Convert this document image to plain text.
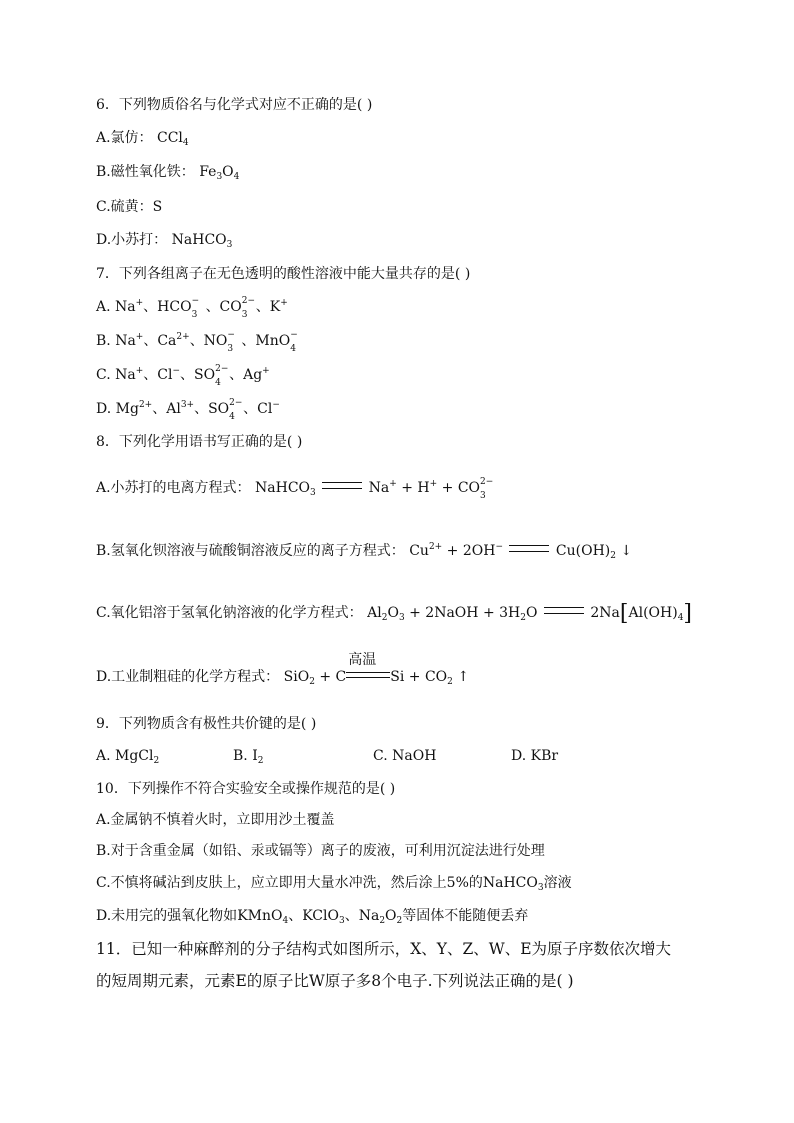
6．下列物质俗名与化学式对应不正确的是( )
A.氯仿： CCl$_4$
B.磁性氧化铁： $Fe_3O_4$
C.硫黄：S
D.小苏打： NaHCO$_3$
7．下列各组离子在无色透明的酸性溶液中能大量共存的是( )
A. Na+、HCO −
3 、CO 2−
3 、K+
B. Na+、$Ca^{2+}$、NO −
3 、MnO −
4
C. Na+、Cl−、SO 2−
4 、Ag+
D. $Mg^{2+}$、$Al^{3+}$、SO 2−
4 、Cl−
8．下列化学用语书写正确的是( )
A.小苏打的电离方程式： NaHCO$_3$	Na+ + H+ + CO 2−
3
B.氢氧化钡溶液与硫酸铜溶液反应的离子方程式： $Cu^{2+} + 2OH^-$	$Cu(OH)_2$ ↓
C.氧化铝溶于氢氧化钠溶液的化学方程式： $Al_2O_3$ + 2NaOH + $3H_2O$	$2Na[Al(OH)_4]$
D.工业制粗硅的化学方程式： SiO$_2$ + C
高温
$Si + CO_2$ ↑
9．下列物质含有极性共价键的是( )
A. MgCl$_2$	B. $I_2$	C. NaOH	D. KBr
10．下列操作不符合实验安全或操作规范的是( )
A.金属钠不慎着火时，立即用沙土覆盖
B.对于含重金属（如铅、汞或镉等）离子的废液，可利用沉淀法进行处理
C.不慎将碱沾到皮肤上，应立即用大量水冲洗，然后涂上5%的NaHCO$_3$溶液
D.未用完的强氧化物如KMnO$_4$、KClO$_3$、$Na_2O_2$等固体不能随便丢弃
11．已知一种麻醉剂的分子结构式如图所示，X、Y、Z、W、E为原子序数依次增大
的短周期元素，元素E的原子比W原子多8个电子.下列说法正确的是( )
